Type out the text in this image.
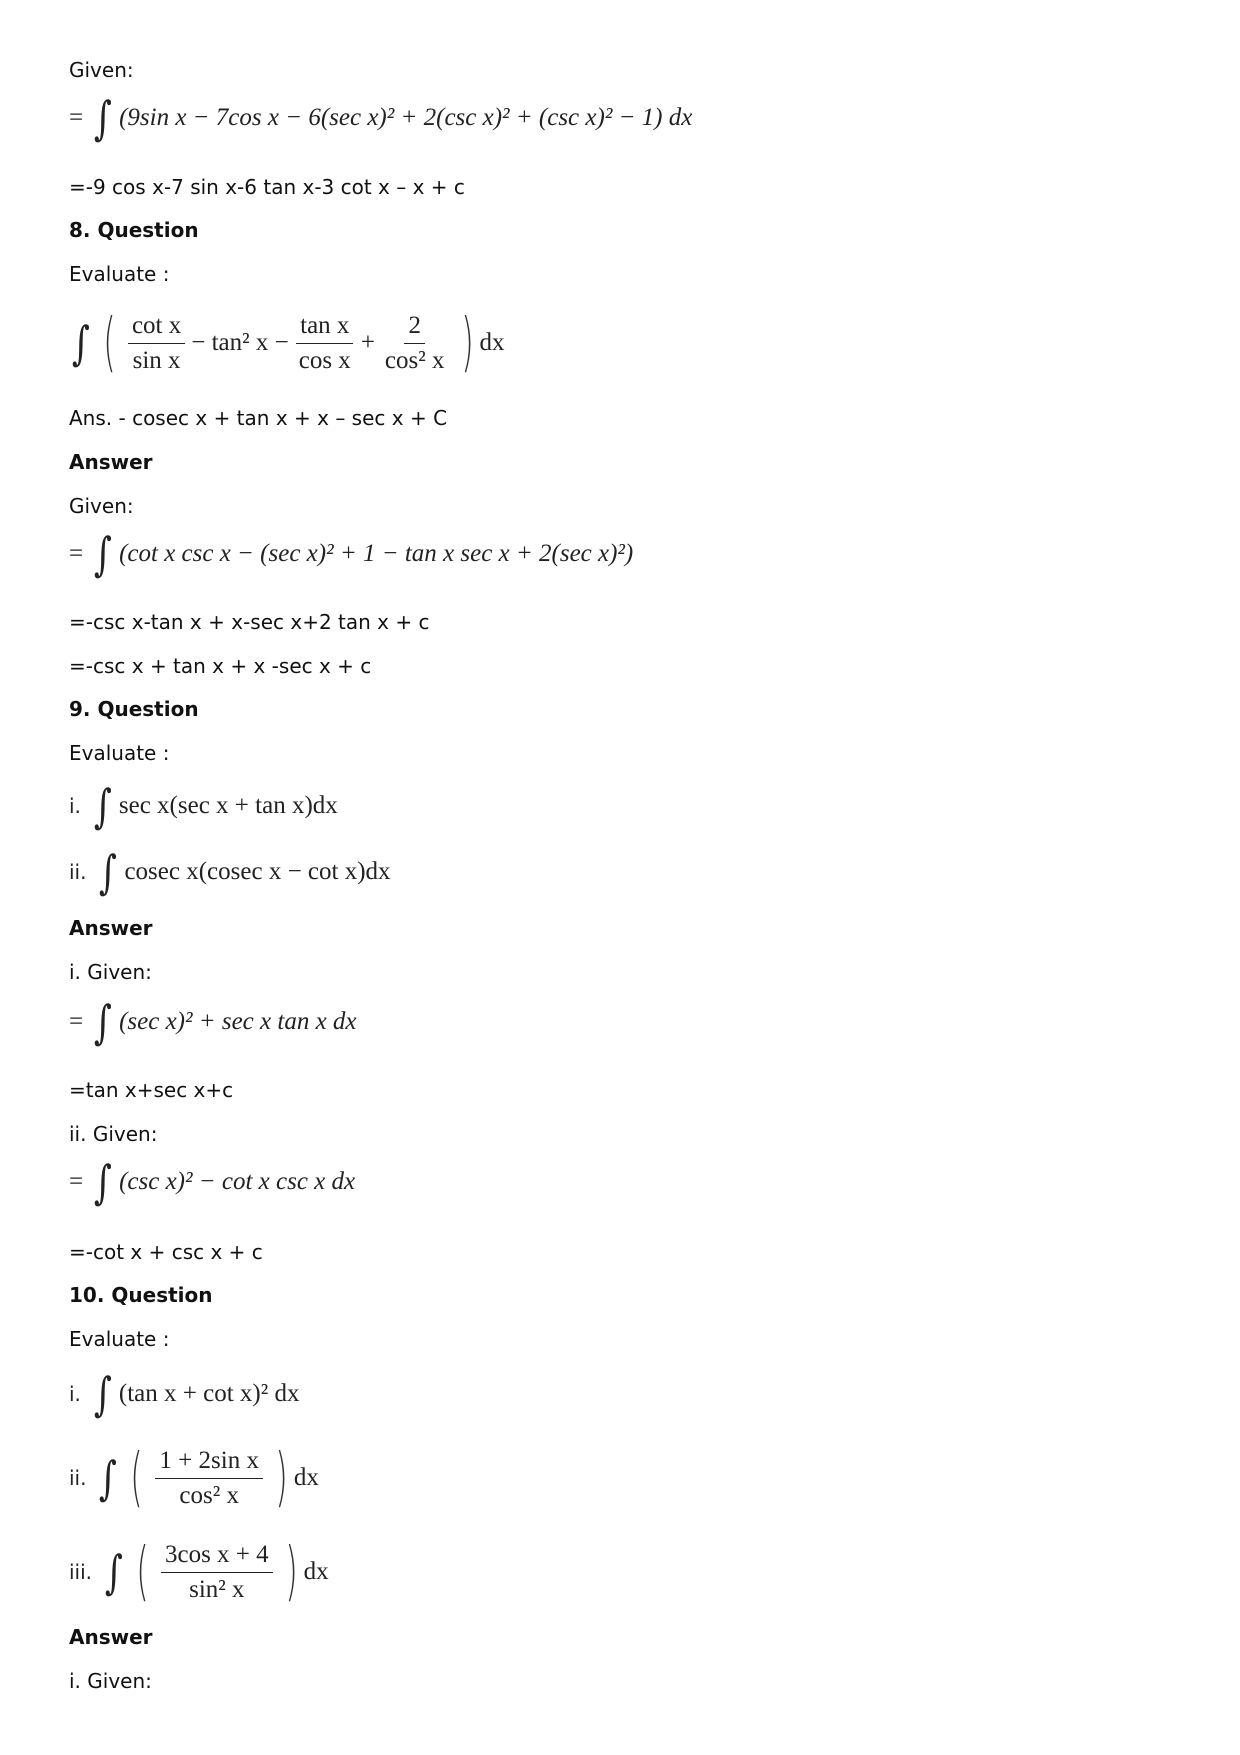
Given:
= ∫ (9sin x − 7cos x − 6(sec x)² + 2(csc x)² + (csc x)² − 1) dx
=-9 cos x-7 sin x-6 tan x-3 cot x – x + c
8. Question
Evaluate :
∫ ( $\frac{\text{cot x}}{\text{sin x}} - \tan^2$ $x - \frac{\text{tan x}}{\text{cos x}} + \frac{2}{\text{cos² x}}$ ) dx
Ans. - cosec x + tan x + x – sec x + C
Answer
Given:
= ∫ (cot x csc x − (sec x)² + 1 − tan x sec x + 2(sec x)²)
=-csc x-tan x + x-sec x+2 tan x + c
=-csc x + tan x + x -sec x + c
9. Question
Evaluate :
i. ∫ sec x(sec x + tan x)dx
ii. ∫ cosec x(cosec x − cot x)dx
Answer
i. Given:
= ∫ (sec x)² + sec x tan x dx
=tan x+sec x+c
ii. Given:
= ∫ (csc x)² − cot x csc x dx
=-cot x + csc x + c
10. Question
Evaluate :
i. ∫ (tan x + cot x)² dx
ii. ∫ ( $\frac{\text{1 + 2sin x}}{\text{cos² x}}$ ) dx
iii. ∫ ( $\frac{\text{3cos x + 4}}{\text{sin² x}}$ ) dx
Answer
i. Given:
